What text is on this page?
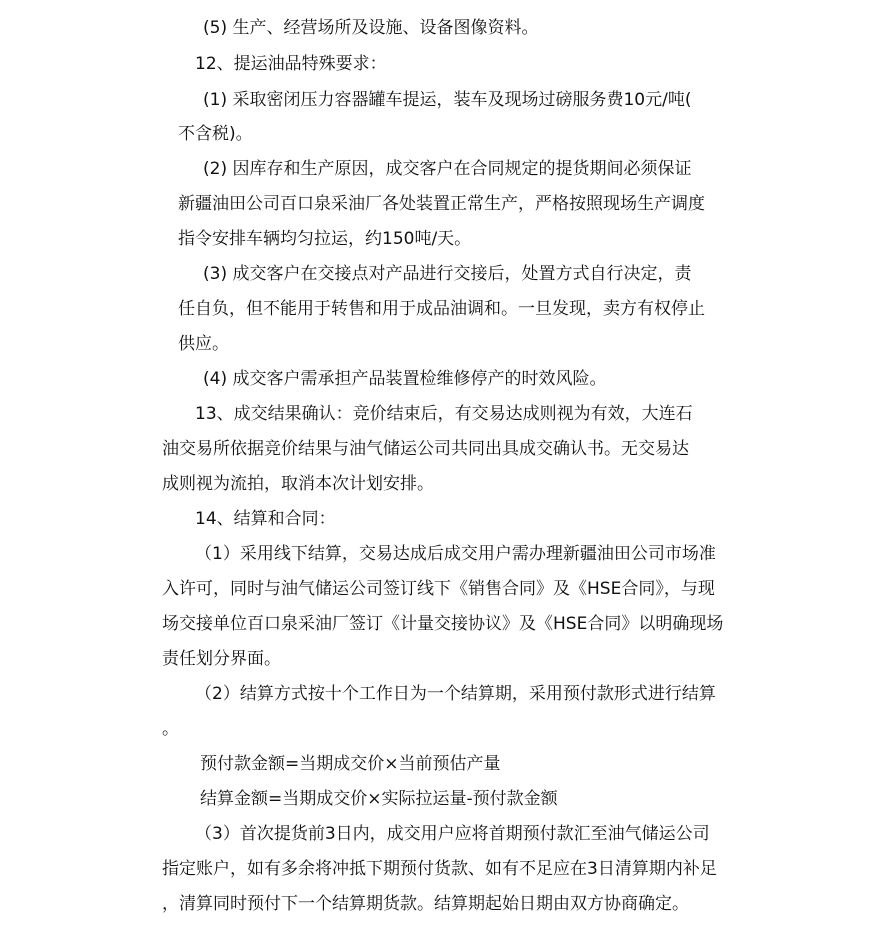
(5) 生产、经营场所及设施、设备图像资料。

12、提运油品特殊要求：

(1) 采取密闭压力容器罐车提运，装车及现场过磅服务费10元/吨(

不含税)。

(2) 因库存和生产原因，成交客户在合同规定的提货期间必须保证

新疆油田公司百口泉采油厂各处装置正常生产，严格按照现场生产调度

指令安排车辆均匀拉运，约150吨/天。

(3) 成交客户在交接点对产品进行交接后，处置方式自行决定，责

任自负，但不能用于转售和用于成品油调和。一旦发现，卖方有权停止

供应。

(4) 成交客户需承担产品装置检维修停产的时效风险。

13、成交结果确认：竞价结束后，有交易达成则视为有效，大连石

油交易所依据竞价结果与油气储运公司共同出具成交确认书。无交易达

成则视为流拍，取消本次计划安排。

14、结算和合同：

（1）采用线下结算，交易达成后成交用户需办理新疆油田公司市场准

入许可，同时与油气储运公司签订线下《销售合同》及《HSE合同》，与现

场交接单位百口泉采油厂签订《计量交接协议》及《HSE合同》以明确现场

责任划分界面。

（2）结算方式按十个工作日为一个结算期，采用预付款形式进行结算

。

预付款金额=当期成交价×当前预估产量

结算金额=当期成交价×实际拉运量-预付款金额

（3）首次提货前3日内，成交用户应将首期预付款汇至油气储运公司

指定账户，如有多余将冲抵下期预付货款、如有不足应在3日清算期内补足

，清算同时预付下一个结算期货款。结算期起始日期由双方协商确定。
